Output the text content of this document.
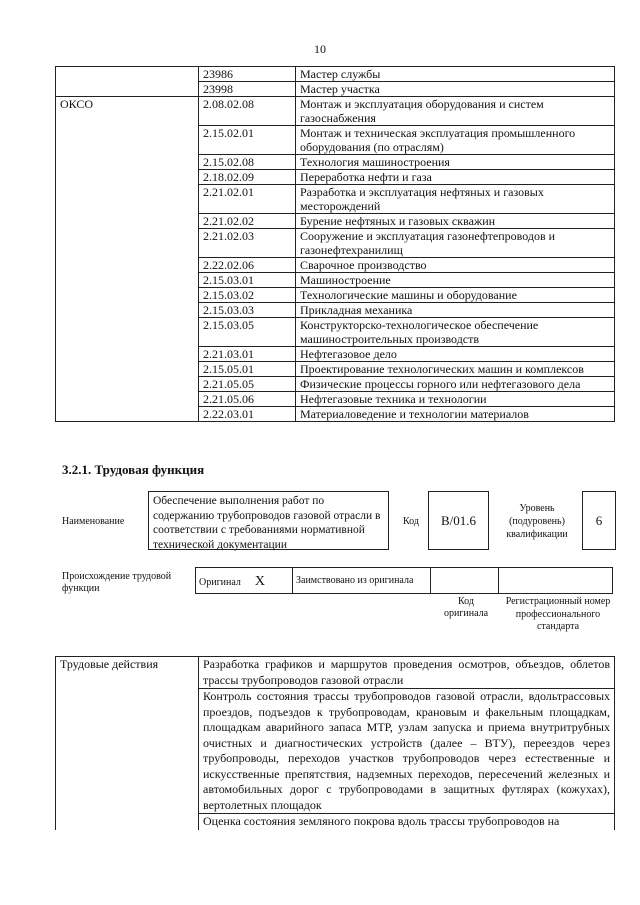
10
	23986	Мастер службы
	23998	Мастер участка
ОКСО	2.08.02.08	Монтаж и эксплуатация оборудования и систем газоснабжения
	2.15.02.01	Монтаж и техническая эксплуатация промышленного оборудования (по отраслям)
	2.15.02.08	Технология машиностроения
	2.18.02.09	Переработка нефти и газа
	2.21.02.01	Разработка и эксплуатация нефтяных и газовых месторождений
	2.21.02.02	Бурение нефтяных и газовых скважин
	2.21.02.03	Сооружение и эксплуатация газонефтепроводов и газонефтехранилищ
	2.22.02.06	Сварочное производство
	2.15.03.01	Машиностроение
	2.15.03.02	Технологические машины и оборудование
	2.15.03.03	Прикладная механика
	2.15.03.05	Конструкторско-технологическое обеспечение машиностроительных производств
	2.21.03.01	Нефтегазовое дело
	2.15.05.01	Проектирование технологических машин и комплексов
	2.21.05.05	Физические процессы горного или нефтегазового дела
	2.21.05.06	Нефтегазовые техника и технологии
	2.22.03.01	Материаловедение и технологии материалов
3.2.1. Трудовая функция
Наименование
Обеспечение выполнения работ по содержанию трубопроводов газовой отрасли в соответствии с требованиями нормативной технической документации
Код	B/01.6
Уровень (подуровень) квалификации
6
Происхождение трудовой функции
Оригинал X	Заимствовано из оригинала

Код оригинала
Регистрационный номер профессионального стандарта
Трудовые действия	Разработка графиков и маршрутов проведения осмотров, объездов, облетов трассы трубопроводов газовой отрасли
Контроль состояния трассы трубопроводов газовой отрасли, вдольтрассовых проездов, подъездов к трубопроводам, крановым и факельным площадкам, площадкам аварийного запаса МТР, узлам запуска и приема внутритрубных очистных и диагностических устройств (далее – ВТУ), переездов через трубопроводы, переходов участков трубопроводов через естественные и искусственные препятствия, надземных переходов, пересечений железных и автомобильных дорог с трубопроводами в защитных футлярах (кожухах), вертолетных площадок
Оценка состояния земляного покрова вдоль трассы трубопроводов на
